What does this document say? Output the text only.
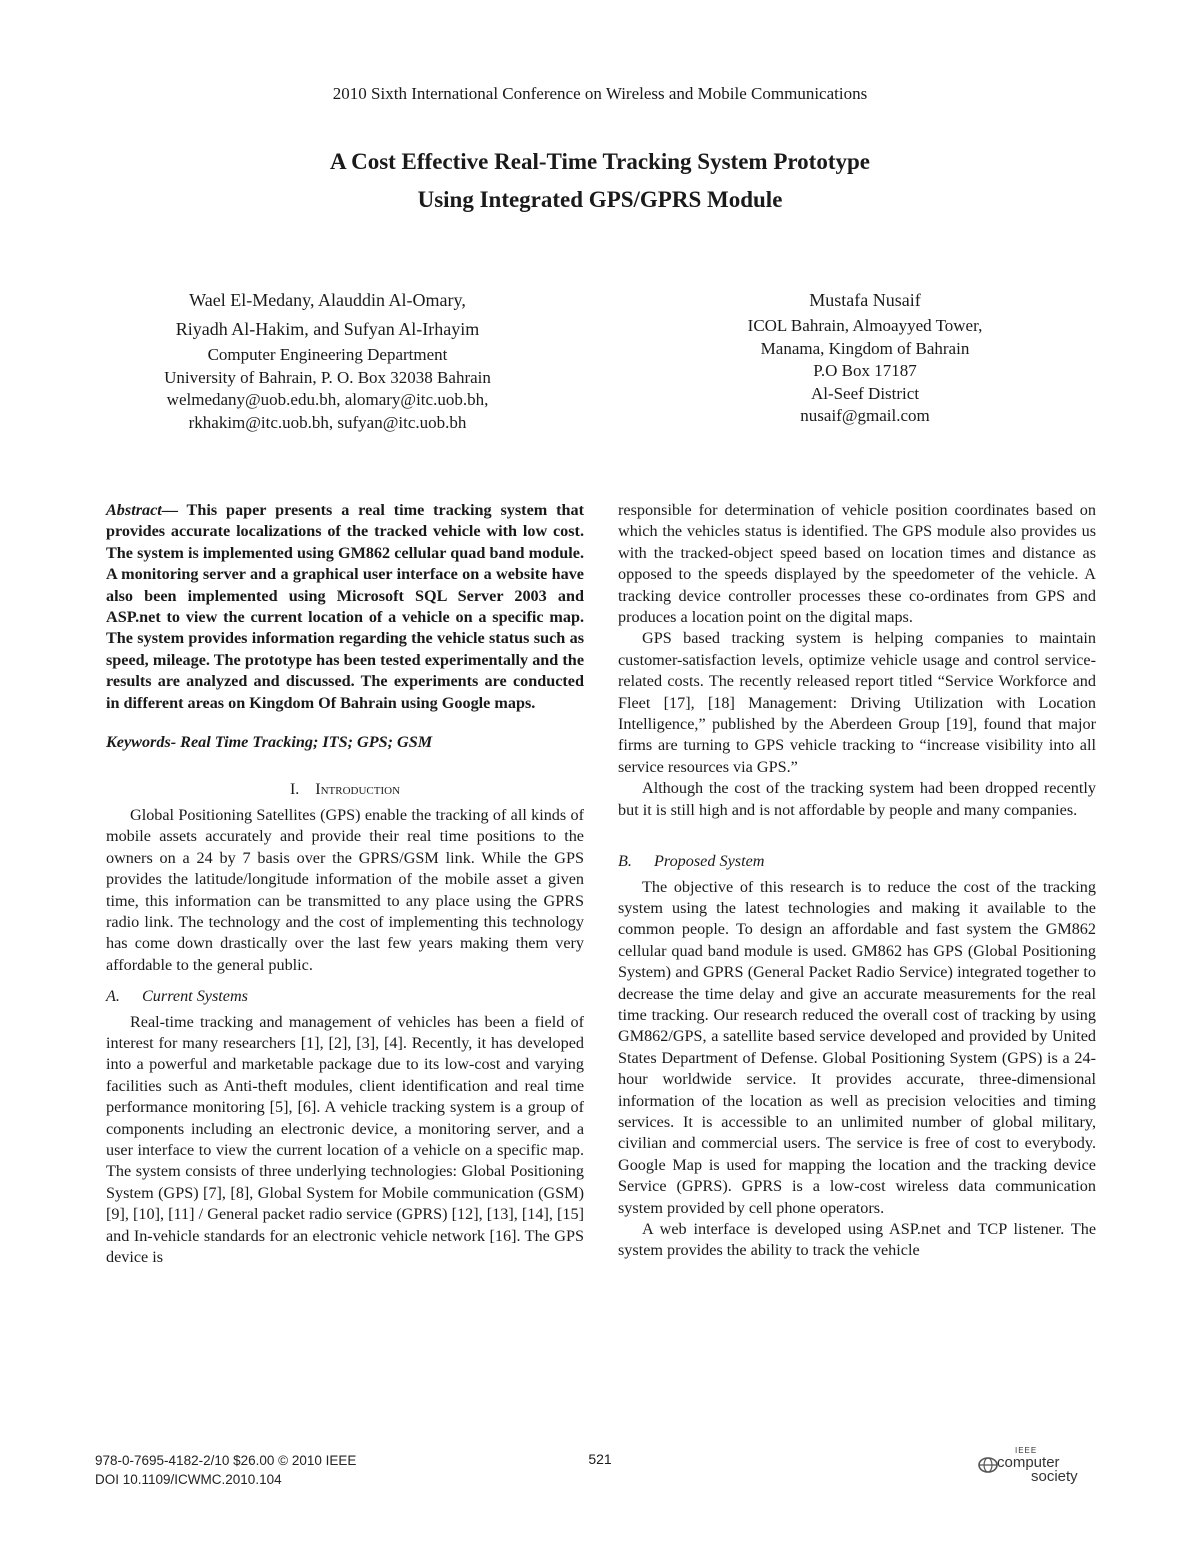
2010 Sixth International Conference on Wireless and Mobile Communications
A Cost Effective Real-Time Tracking System Prototype
Using Integrated GPS/GPRS Module
Wael El-Medany, Alauddin Al-Omary,
Riyadh Al-Hakim, and Sufyan Al-Irhayim
Computer Engineering Department
University of Bahrain, P. O. Box 32038 Bahrain
welmedany@uob.edu.bh, alomary@itc.uob.bh,
rkhakim@itc.uob.bh, sufyan@itc.uob.bh
Mustafa Nusaif
ICOL Bahrain, Almoayyed Tower,
Manama, Kingdom of Bahrain
P.O Box 17187
Al-Seef District
nusaif@gmail.com

Abstract— This paper presents a real time tracking system that provides accurate localizations of the tracked vehicle with low cost. The system is implemented using GM862 cellular quad band module. A monitoring server and a graphical user interface on a website have also been implemented using Microsoft SQL Server 2003 and ASP.net to view the current location of a vehicle on a specific map. The system provides information regarding the vehicle status such as speed, mileage. The prototype has been tested experimentally and the results are analyzed and discussed. The experiments are conducted in different areas on Kingdom Of Bahrain using Google maps.

Keywords- Real Time Tracking; ITS; GPS; GSM

I. Introduction

Global Positioning Satellites (GPS) enable the tracking of all kinds of mobile assets accurately and provide their real time positions to the owners on a 24 by 7 basis over the GPRS/GSM link. While the GPS provides the latitude/longitude information of the mobile asset a given time, this information can be transmitted to any place using the GPRS radio link. The technology and the cost of implementing this technology has come down drastically over the last few years making them very affordable to the general public.

A. Current Systems

Real-time tracking and management of vehicles has been a field of interest for many researchers [1], [2], [3], [4]. Recently, it has developed into a powerful and marketable package due to its low-cost and varying facilities such as Anti-theft modules, client identification and real time performance monitoring [5], [6]. A vehicle tracking system is a group of components including an electronic device, a monitoring server, and a user interface to view the current location of a vehicle on a specific map. The system consists of three underlying technologies: Global Positioning System (GPS) [7], [8], Global System for Mobile communication (GSM) [9], [10], [11] / General packet radio service (GPRS) [12], [13], [14], [15] and In-vehicle standards for an electronic vehicle network [16]. The GPS device is

responsible for determination of vehicle position coordinates based on which the vehicles status is identified. The GPS module also provides us with the tracked-object speed based on location times and distance as opposed to the speeds displayed by the speedometer of the vehicle. A tracking device controller processes these co-ordinates from GPS and produces a location point on the digital maps.

GPS based tracking system is helping companies to maintain customer-satisfaction levels, optimize vehicle usage and control service-related costs. The recently released report titled “Service Workforce and Fleet [17], [18] Management: Driving Utilization with Location Intelligence,” published by the Aberdeen Group [19], found that major firms are turning to GPS vehicle tracking to “increase visibility into all service resources via GPS.”

Although the cost of the tracking system had been dropped recently but it is still high and is not affordable by people and many companies.

B. Proposed System

The objective of this research is to reduce the cost of the tracking system using the latest technologies and making it available to the common people. To design an affordable and fast system the GM862 cellular quad band module is used. GM862 has GPS (Global Positioning System) and GPRS (General Packet Radio Service) integrated together to decrease the time delay and give an accurate measurements for the real time tracking. Our research reduced the overall cost of tracking by using GM862/GPS, a satellite based service developed and provided by United States Department of Defense. Global Positioning System (GPS) is a 24-hour worldwide service. It provides accurate, three-dimensional information of the location as well as precision velocities and timing services. It is accessible to an unlimited number of global military, civilian and commercial users. The service is free of cost to everybody. Google Map is used for mapping the location and the tracking device Service (GPRS). GPRS is a low-cost wireless data communication system provided by cell phone operators.

A web interface is developed using ASP.net and TCP listener. The system provides the ability to track the vehicle

978-0-7695-4182-2/10 $26.00 © 2010 IEEE
DOI 10.1109/ICWMC.2010.104
521
IEEE
computer
society
